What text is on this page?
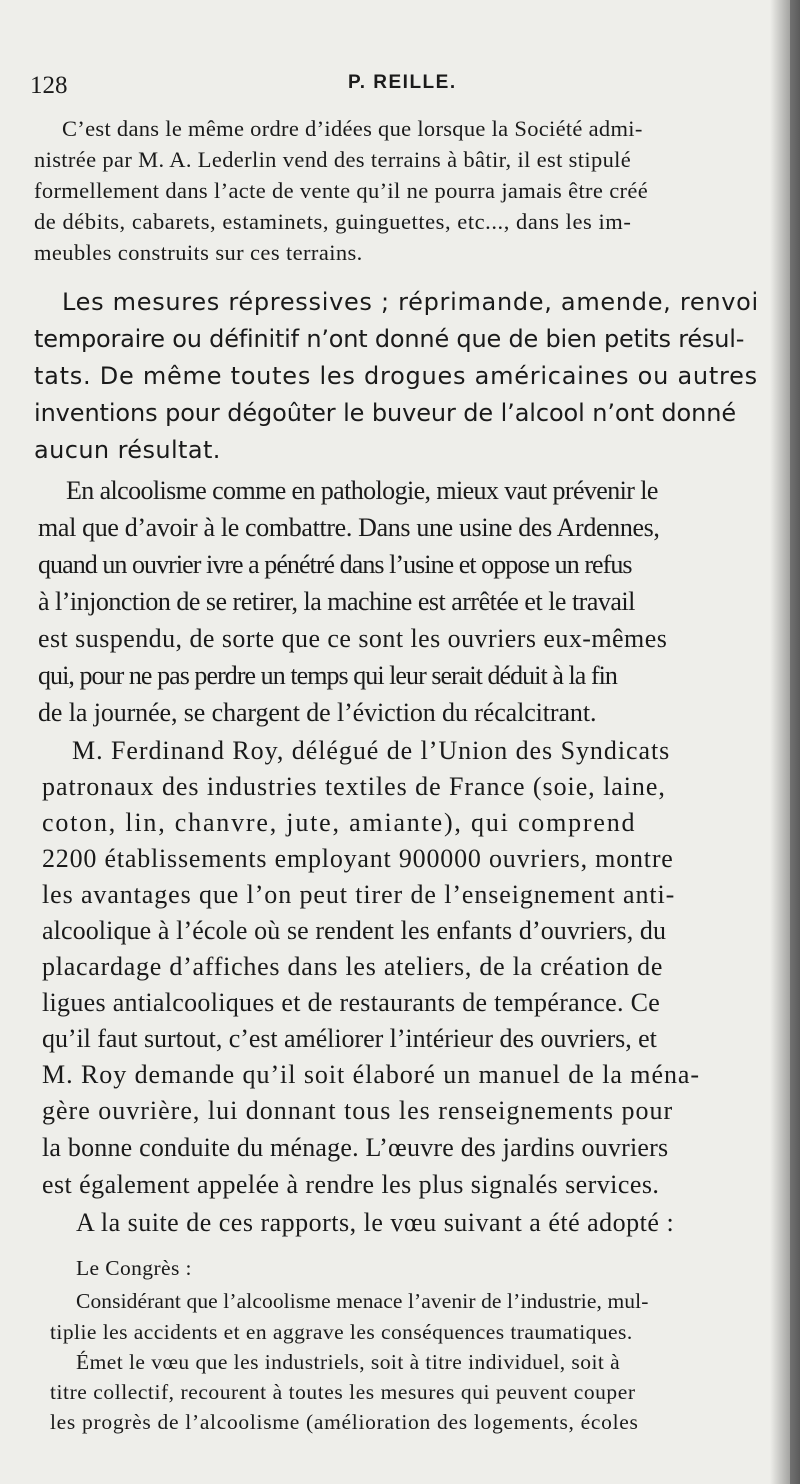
128	P. REILLE.
C’est dans le même ordre d’idées que lorsque la Société admi-
nistrée par M. A. Lederlin vend des terrains à bâtir, il est stipulé
formellement dans l’acte de vente qu’il ne pourra jamais être créé
de débits, cabarets, estaminets, guinguettes, etc..., dans les im-
meubles construits sur ces terrains.
Les mesures répressives ; réprimande, amende, renvoi
temporaire ou définitif n’ont donné que de bien petits résul-
tats. De même toutes les drogues américaines ou autres
inventions pour dégoûter le buveur de l’alcool n’ont donné
aucun résultat.
En alcoolisme comme en pathologie, mieux vaut prévenir le
mal que d’avoir à le combattre. Dans une usine des Ardennes,
quand un ouvrier ivre a pénétré dans l’usine et oppose un refus
à l’injonction de se retirer, la machine est arrêtée et le travail
est suspendu, de sorte que ce sont les ouvriers eux-mêmes
qui, pour ne pas perdre un temps qui leur serait déduit à la fin
de la journée, se chargent de l’éviction du récalcitrant.
M. Ferdinand Roy, délégué de l’Union des Syndicats
patronaux des industries textiles de France (soie, laine,
coton, lin, chanvre, jute, amiante), qui comprend
2200 établissements employant 900000 ouvriers, montre
les avantages que l’on peut tirer de l’enseignement anti-
alcoolique à l’école où se rendent les enfants d’ouvriers, du
placardage d’affiches dans les ateliers, de la création de
ligues antialcooliques et de restaurants de tempérance. Ce
qu’il faut surtout, c’est améliorer l’intérieur des ouvriers, et
M. Roy demande qu’il soit élaboré un manuel de la ména-
gère ouvrière, lui donnant tous les renseignements pour
la bonne conduite du ménage. L’œuvre des jardins ouvriers
est également appelée à rendre les plus signalés services.
A la suite de ces rapports, le vœu suivant a été adopté :
Le Congrès :
Considérant que l’alcoolisme menace l’avenir de l’industrie, mul-
tiplie les accidents et en aggrave les conséquences traumatiques.
Émet le vœu que les industriels, soit à titre individuel, soit à
titre collectif, recourent à toutes les mesures qui peuvent couper
les progrès de l’alcoolisme (amélioration des logements, écoles
